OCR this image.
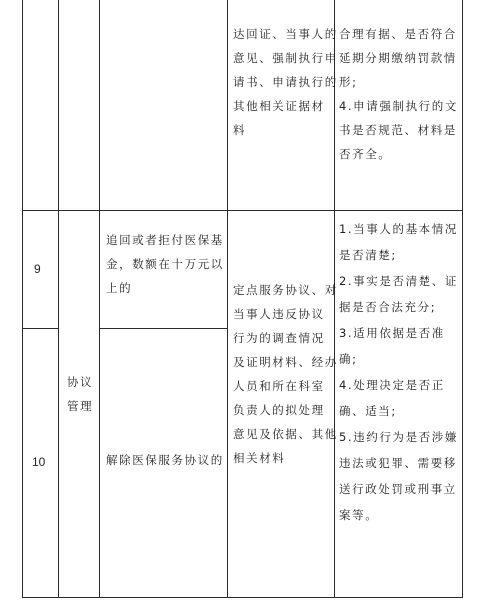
达回证、当事人的
意见、强制执行申
请书、申请执行的
其他相关证据材
料
合理有据、是否符合
延期分期缴纳罚款情
形;
4.申请强制执行的文
书是否规范、材料是
否齐全。
9
追回或者拒付医保基
金，数额在十万元以
上的
10	解除医保服务协议的
协议
管理
定点服务协议、对
当事人违反协议
行为的调查情况
及证明材料、经办
人员和所在科室
负责人的拟处理
意见及依据、其他
相关材料
1.当事人的基本情况
是否清楚;
2.事实是否清楚、证
据是否合法充分;
3.适用依据是否准
确;
4.处理决定是否正
确、适当;
5.违约行为是否涉嫌
违法或犯罪、需要移
送行政处罚或刑事立
案等。
